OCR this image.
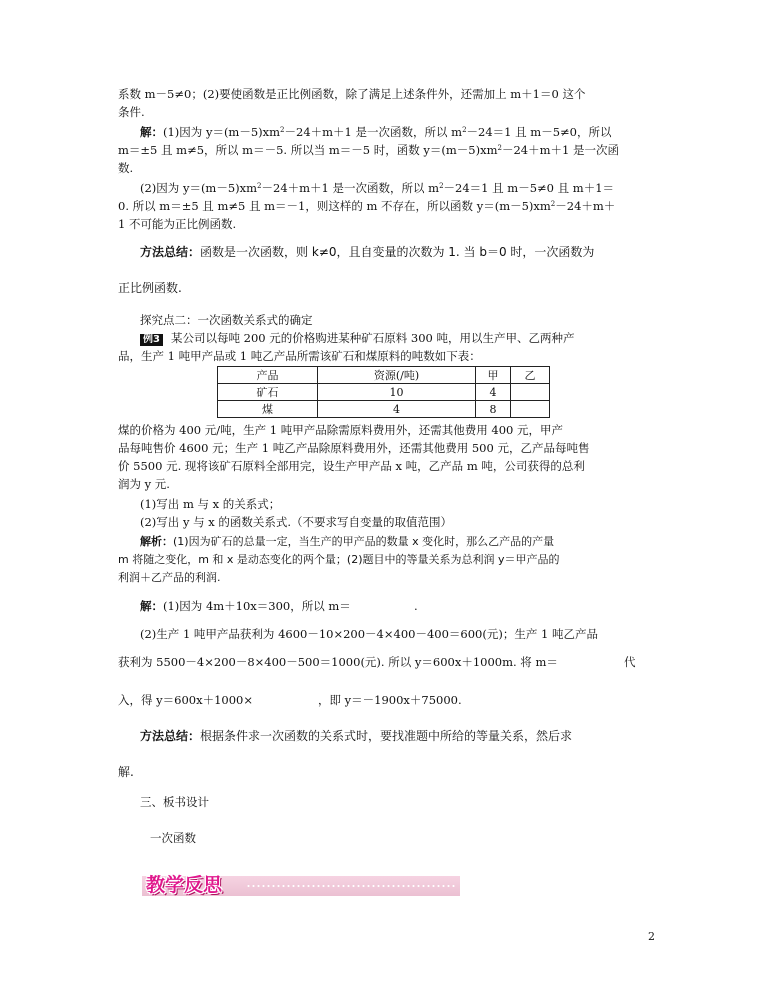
系数 m－5≠0；(2)要使函数是正比例函数，除了满足上述条件外，还需加上 m＋1＝0 这个
条件.
解：(1)因为 $y=(m-5)xm^2-24+m+1$ 是一次函数，所以 $m^2-24=1$ 且 m－5≠0，所以
m＝±5 且 m≠5，所以 m＝－5. 所以当 m＝－5 时，函数 $y=(m-5)xm^2-24+m+1$ 是一次函
数.
(2)因为 $y=(m-5)xm^2-24+m+1$ 是一次函数，所以 $m^2-24=1$ 且 m－5≠0 且 m＋1＝
0. 所以 m＝±5 且 m≠5 且 m＝－1，则这样的 m 不存在，所以函数 $y=(m-5)xm^2-24+m+$
1 不可能为正比例函数.
方法总结：函数是一次函数，则 k≠0，且自变量的次数为 1. 当 b＝0 时，一次函数为
正比例函数.
探究点二：一次函数关系式的确定
例3 某公司以每吨 200 元的价格购进某种矿石原料 300 吨，用以生产甲、乙两种产
品，生产 1 吨甲产品或 1 吨乙产品所需该矿石和煤原料的吨数如下表：
产品	资源(/吨)	甲	乙
矿石	10	4	
煤	4	8	
煤的价格为 400 元/吨，生产 1 吨甲产品除需原料费用外，还需其他费用 400 元，甲产
品每吨售价 4600 元；生产 1 吨乙产品除原料费用外，还需其他费用 500 元，乙产品每吨售
价 5500 元. 现将该矿石原料全部用完，设生产甲产品 x 吨，乙产品 m 吨，公司获得的总利
润为 y 元.
(1)写出 m 与 x 的关系式；
(2)写出 y 与 x 的函数关系式.（不要求写自变量的取值范围）
解析：(1)因为矿石的总量一定，当生产的甲产品的数量 x 变化时，那么乙产品的产量
m 将随之变化，m 和 x 是动态变化的两个量；(2)题目中的等量关系为总利润 y＝甲产品的
利润＋乙产品的利润.
解：(1)因为 4m＋10x＝300，所以 m＝	.
(2)生产 1 吨甲产品获利为 4600－10×200－4×400－400＝600(元)；生产 1 吨乙产品
获利为 5500－4×200－8×400－500＝1000(元). 所以 y＝600x＋1000m. 将 m＝	代
入，得 y＝600x＋1000×	，即 y＝－1900x＋75000.
方法总结：根据条件求一次函数的关系式时，要找准题中所给的等量关系，然后求
解.
三、板书设计
一次函数
教学反思
2
